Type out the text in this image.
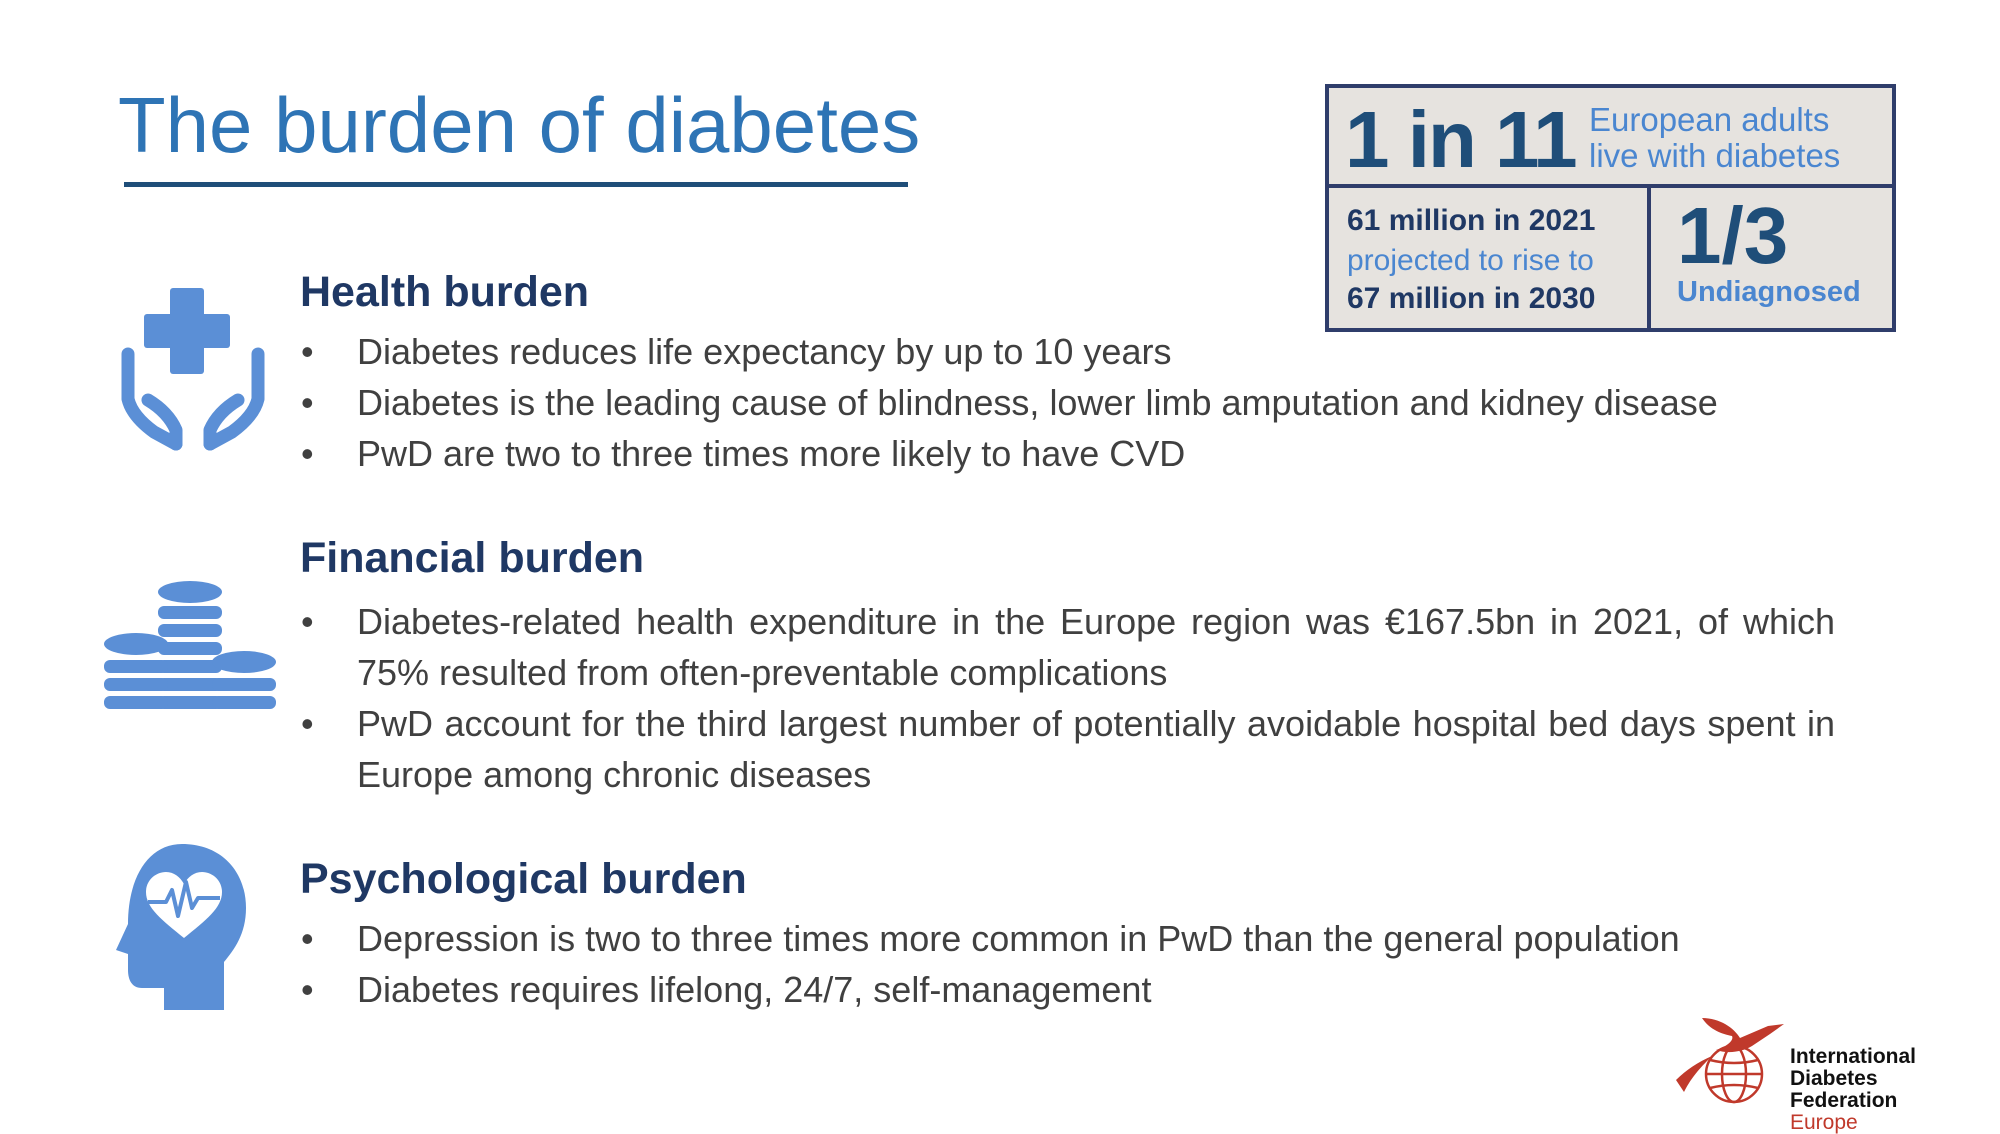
The burden of diabetes	1 in 11 European adults
live with diabetes

61 million in 2021

projected to rise to

67 million in 2030

1/3
Undiagnosed
Health burden
• Diabetes reduces life expectancy by up to 10 years
• Diabetes is the leading cause of blindness, lower limb amputation and kidney disease
• PwD are two to three times more likely to have CVD
Financial burden
• Diabetes-related health expenditure in the Europe region was €167.5bn in 2021, of which 75% resulted from often-preventable complications
• PwD account for the third largest number of potentially avoidable hospital bed days spent in Europe among chronic diseases
Psychological burden
• Depression is two to three times more common in PwD than the general population
• Diabetes requires lifelong, 24/7, self-management
International
Diabetes Federation
Europe
